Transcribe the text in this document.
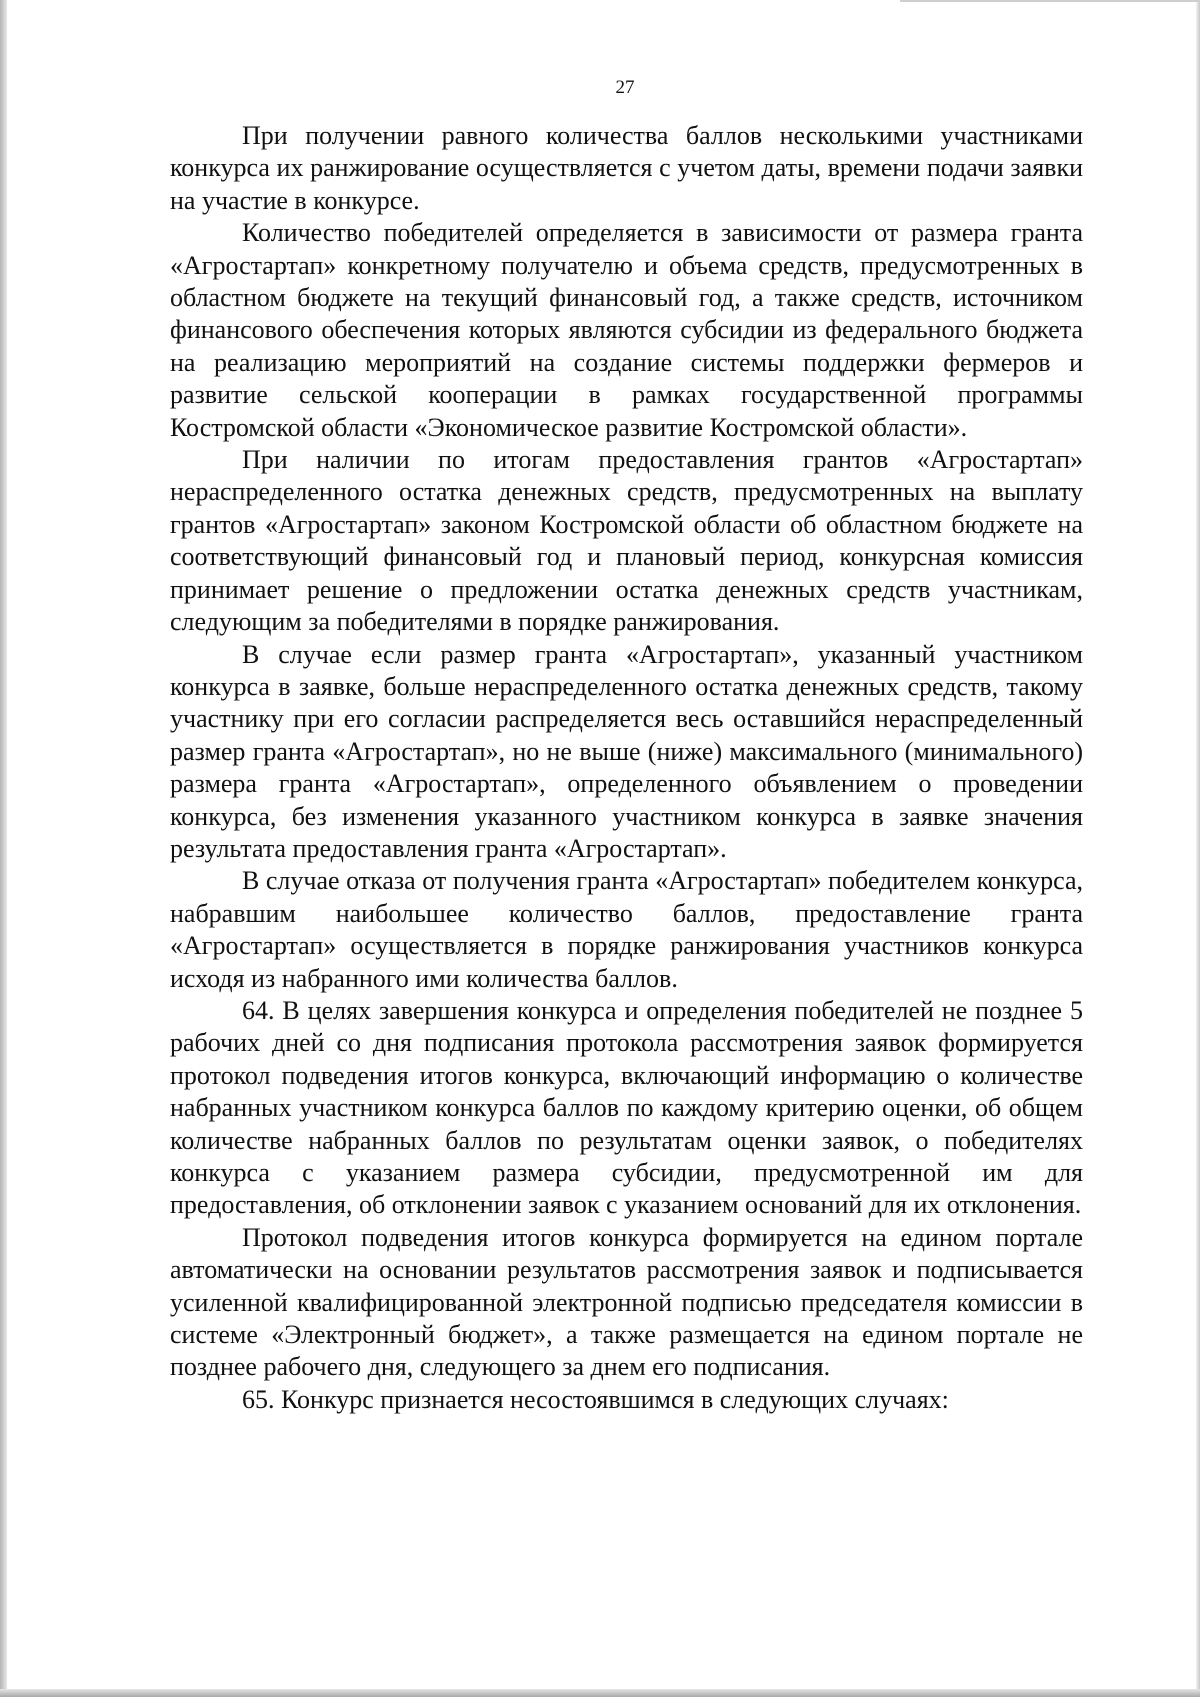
27

При получении равного количества баллов несколькими участниками конкурса их ранжирование осуществляется с учетом даты, времени подачи заявки на участие в конкурсе.

Количество победителей определяется в зависимости от размера гранта «Агростартап» конкретному получателю и объема средств, предусмотренных в областном бюджете на текущий финансовый год, а также средств, источником финансового обеспечения которых являются субсидии из федерального бюджета на реализацию мероприятий на создание системы поддержки фермеров и развитие сельской кооперации в рамках государственной программы Костромской области «Экономическое развитие Костромской области».

При наличии по итогам предоставления грантов «Агростартап» нераспределенного остатка денежных средств, предусмотренных на выплату грантов «Агростартап» законом Костромской области об областном бюджете на соответствующий финансовый год и плановый период, конкурсная комиссия принимает решение о предложении остатка денежных средств участникам, следующим за победителями в порядке ранжирования.

В случае если размер гранта «Агростартап», указанный участником конкурса в заявке, больше нераспределенного остатка денежных средств, такому участнику при его согласии распределяется весь оставшийся нераспределенный размер гранта «Агростартап», но не выше (ниже) максимального (минимального) размера гранта «Агростартап», определенного объявлением о проведении конкурса, без изменения указанного участником конкурса в заявке значения результата предоставления гранта «Агростартап».

В случае отказа от получения гранта «Агростартап» победителем конкурса, набравшим наибольшее количество баллов, предоставление гранта «Агростартап» осуществляется в порядке ранжирования участников конкурса исходя из набранного ими количества баллов.

64. В целях завершения конкурса и определения победителей не позднее 5 рабочих дней со дня подписания протокола рассмотрения заявок формируется протокол подведения итогов конкурса, включающий информацию о количестве набранных участником конкурса баллов по каждому критерию оценки, об общем количестве набранных баллов по результатам оценки заявок, о победителях конкурса с указанием размера субсидии, предусмотренной им для предоставления, об отклонении заявок с указанием оснований для их отклонения.

Протокол подведения итогов конкурса формируется на едином портале автоматически на основании результатов рассмотрения заявок и подписывается усиленной квалифицированной электронной подписью председателя комиссии в системе «Электронный бюджет», а также размещается на едином портале не позднее рабочего дня, следующего за днем его подписания.

65. Конкурс признается несостоявшимся в следующих случаях:
